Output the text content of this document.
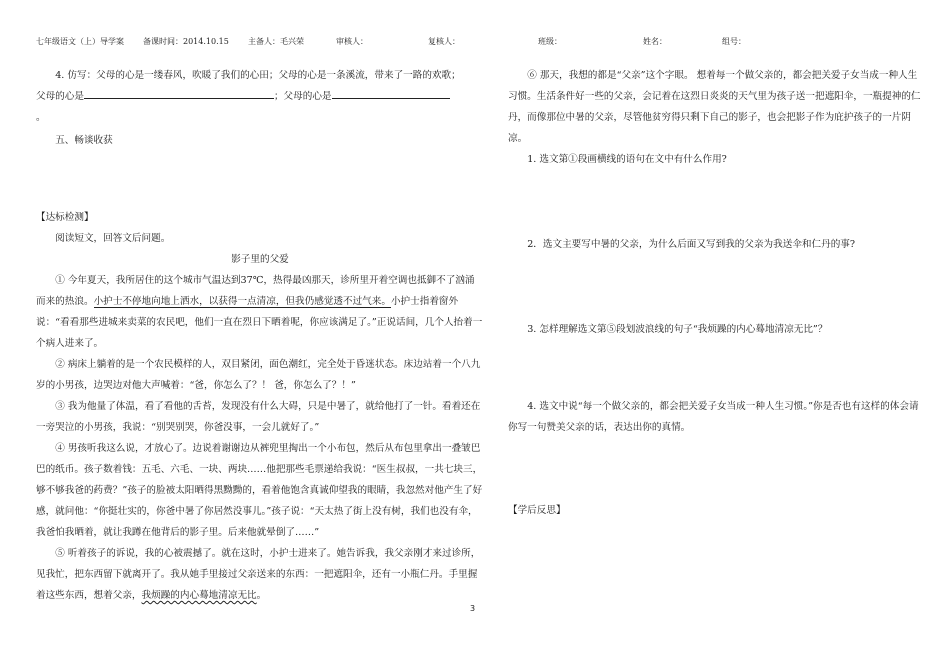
七年级语文（上）导学案 备课时间：2014.10.15 主备人：毛兴荣	审核人：	复核人：	班级：	姓名：	组号：

4. 仿写：父母的心是一缕春风，吹暖了我们的心田；父母的心是一条溪流，带来了一路的欢歌；

父母的心是	；父母的心是

。

五、畅谈收获

【达标检测】

阅读短文，回答文后问题。

影子里的父爱

① 今年夏天，我所居住的这个城市气温达到37℃，热得最凶那天，诊所里开着空调也抵御不了汹涌而来的热浪。小护士不停地向地上洒水，以获得一点清凉，但我仍感觉透不过气来。小护士指着窗外说：“看看那些进城来卖菜的农民吧，他们一直在烈日下晒着呢，你应该满足了。”正说话间，几个人抬着一个病人进来了。

② 病床上躺着的是一个农民模样的人，双目紧闭，面色潮红，完全处于昏迷状态。床边站着一个八九岁的小男孩，边哭边对他大声喊着：“爸，你怎么了？！ 爸，你怎么了？！”

③ 我为他量了体温，看了看他的舌苔，发现没有什么大碍，只是中暑了，就给他打了一针。看着还在一旁哭泣的小男孩，我说：“别哭别哭，你爸没事，一会儿就好了。”

④ 男孩听我这么说，才放心了。边说着谢谢边从裤兜里掏出一个小布包，然后从布包里拿出一叠皱巴巴的纸币。孩子数着钱：五毛、六毛、一块、两块……他把那些毛票递给我说：“医生叔叔，一共七块三，够不够我爸的药费？”孩子的脸被太阳晒得黑黝黝的，看着他饱含真诚仰望我的眼睛，我忽然对他产生了好感，就问他：“你挺壮实的，你爸中暑了你居然没事儿。”孩子说：“天太热了街上没有树，我们也没有伞，我爸怕我晒着，就让我蹲在他背后的影子里。后来他就晕倒了……”

⑤ 听着孩子的诉说，我的心被震撼了。就在这时，小护士进来了。她告诉我，我父亲刚才来过诊所，见我忙，把东西留下就离开了。我从她手里接过父亲送来的东西：一把遮阳伞，还有一小瓶仁丹。手里握着这些东西，想着父亲，我烦躁的内心蓦地清凉无比。

⑥ 那天，我想的都是“父亲”这个字眼。 想着每一个做父亲的，都会把关爱子女当成一种人生习惯。生活条件好一些的父亲，会记着在这烈日炎炎的天气里为孩子送一把遮阳伞，一瓶提神的仁丹，而像那位中暑的父亲，尽管他贫穷得只剩下自己的影子，也会把影子作为庇护孩子的一片阴凉。

1. 选文第①段画横线的语句在文中有什么作用?

2．选文主要写中暑的父亲，为什么后面又写到我的父亲为我送伞和仁丹的事?

3. 怎样理解选文第⑤段划波浪线的句子“我烦躁的内心蓦地清凉无比”？

4. 选文中说“每一个做父亲的，都会把关爱子女当成一种人生习惯。”你是否也有这样的体会请你写一句赞美父亲的话，表达出你的真情。

【学后反思】

3
